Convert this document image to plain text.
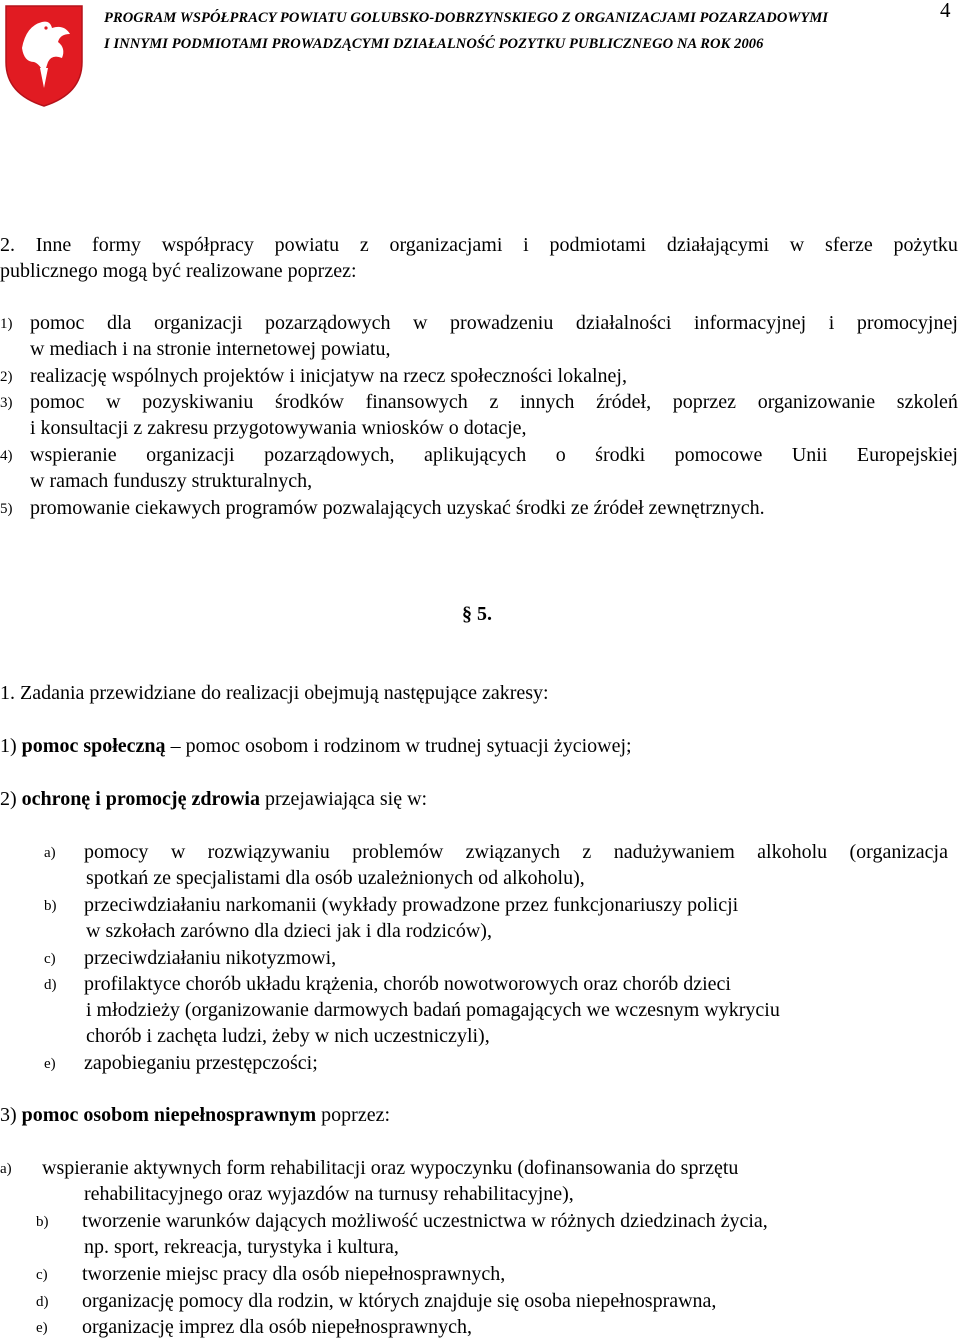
PROGRAM WSPÓŁPRACY POWIATU GOLUBSKO-DOBRZYNSKIEGO Z ORGANIZACJAMI POZARZADOWYMI
I INNYMI PODMIOTAMI PROWADZĄCYMI DZIAŁALNOŚĆ POZYTKU PUBLICZNEGO NA ROK 2006
4
2. Inne formy współpracy powiatu z organizacjami i podmiotami działającymi w sferze pożytku
publicznego mogą być realizowane poprzez:
1) pomoc dla organizacji pozarządowych w prowadzeniu działalności informacyjnej i promocyjnej
w mediach i na stronie internetowej powiatu,
2) realizację wspólnych projektów i inicjatyw na rzecz społeczności lokalnej,
3) pomoc w pozyskiwaniu środków finansowych z innych źródeł, poprzez organizowanie szkoleń
i konsultacji z zakresu przygotowywania wniosków o dotacje,
4) wspieranie organizacji pozarządowych, aplikujących o środki pomocowe Unii Europejskiej
w ramach funduszy strukturalnych,
5) promowanie ciekawych programów pozwalających uzyskać środki ze źródeł zewnętrznych.
§ 5.
1. Zadania przewidziane do realizacji obejmują następujące zakresy:
1) pomoc społeczną – pomoc osobom i rodzinom w trudnej sytuacji życiowej;
2) ochronę i promocję zdrowia przejawiająca się w:
a) pomocy w rozwiązywaniu problemów związanych z nadużywaniem alkoholu (organizacja
spotkań ze specjalistami dla osób uzależnionych od alkoholu),
b) przeciwdziałaniu narkomanii (wykłady prowadzone przez funkcjonariuszy policji
w szkołach zarówno dla dzieci jak i dla rodziców),
c) przeciwdziałaniu nikotyzmowi,
d) profilaktyce chorób układu krążenia, chorób nowotworowych oraz chorób dzieci
i młodzieży (organizowanie darmowych badań pomagających we wczesnym wykryciu
chorób i zachęta ludzi, żeby w nich uczestniczyli),
e) zapobieganiu przestępczości;
3) pomoc osobom niepełnosprawnym poprzez:
a) wspieranie aktywnych form rehabilitacji oraz wypoczynku (dofinansowania do sprzętu
rehabilitacyjnego oraz wyjazdów na turnusy rehabilitacyjne),
b) tworzenie warunków dających możliwość uczestnictwa w różnych dziedzinach życia,
np. sport, rekreacja, turystyka i kultura,
c) tworzenie miejsc pracy dla osób niepełnosprawnych,
d) organizację pomocy dla rodzin, w których znajduje się osoba niepełnosprawna,
e) organizację imprez dla osób niepełnosprawnych,
